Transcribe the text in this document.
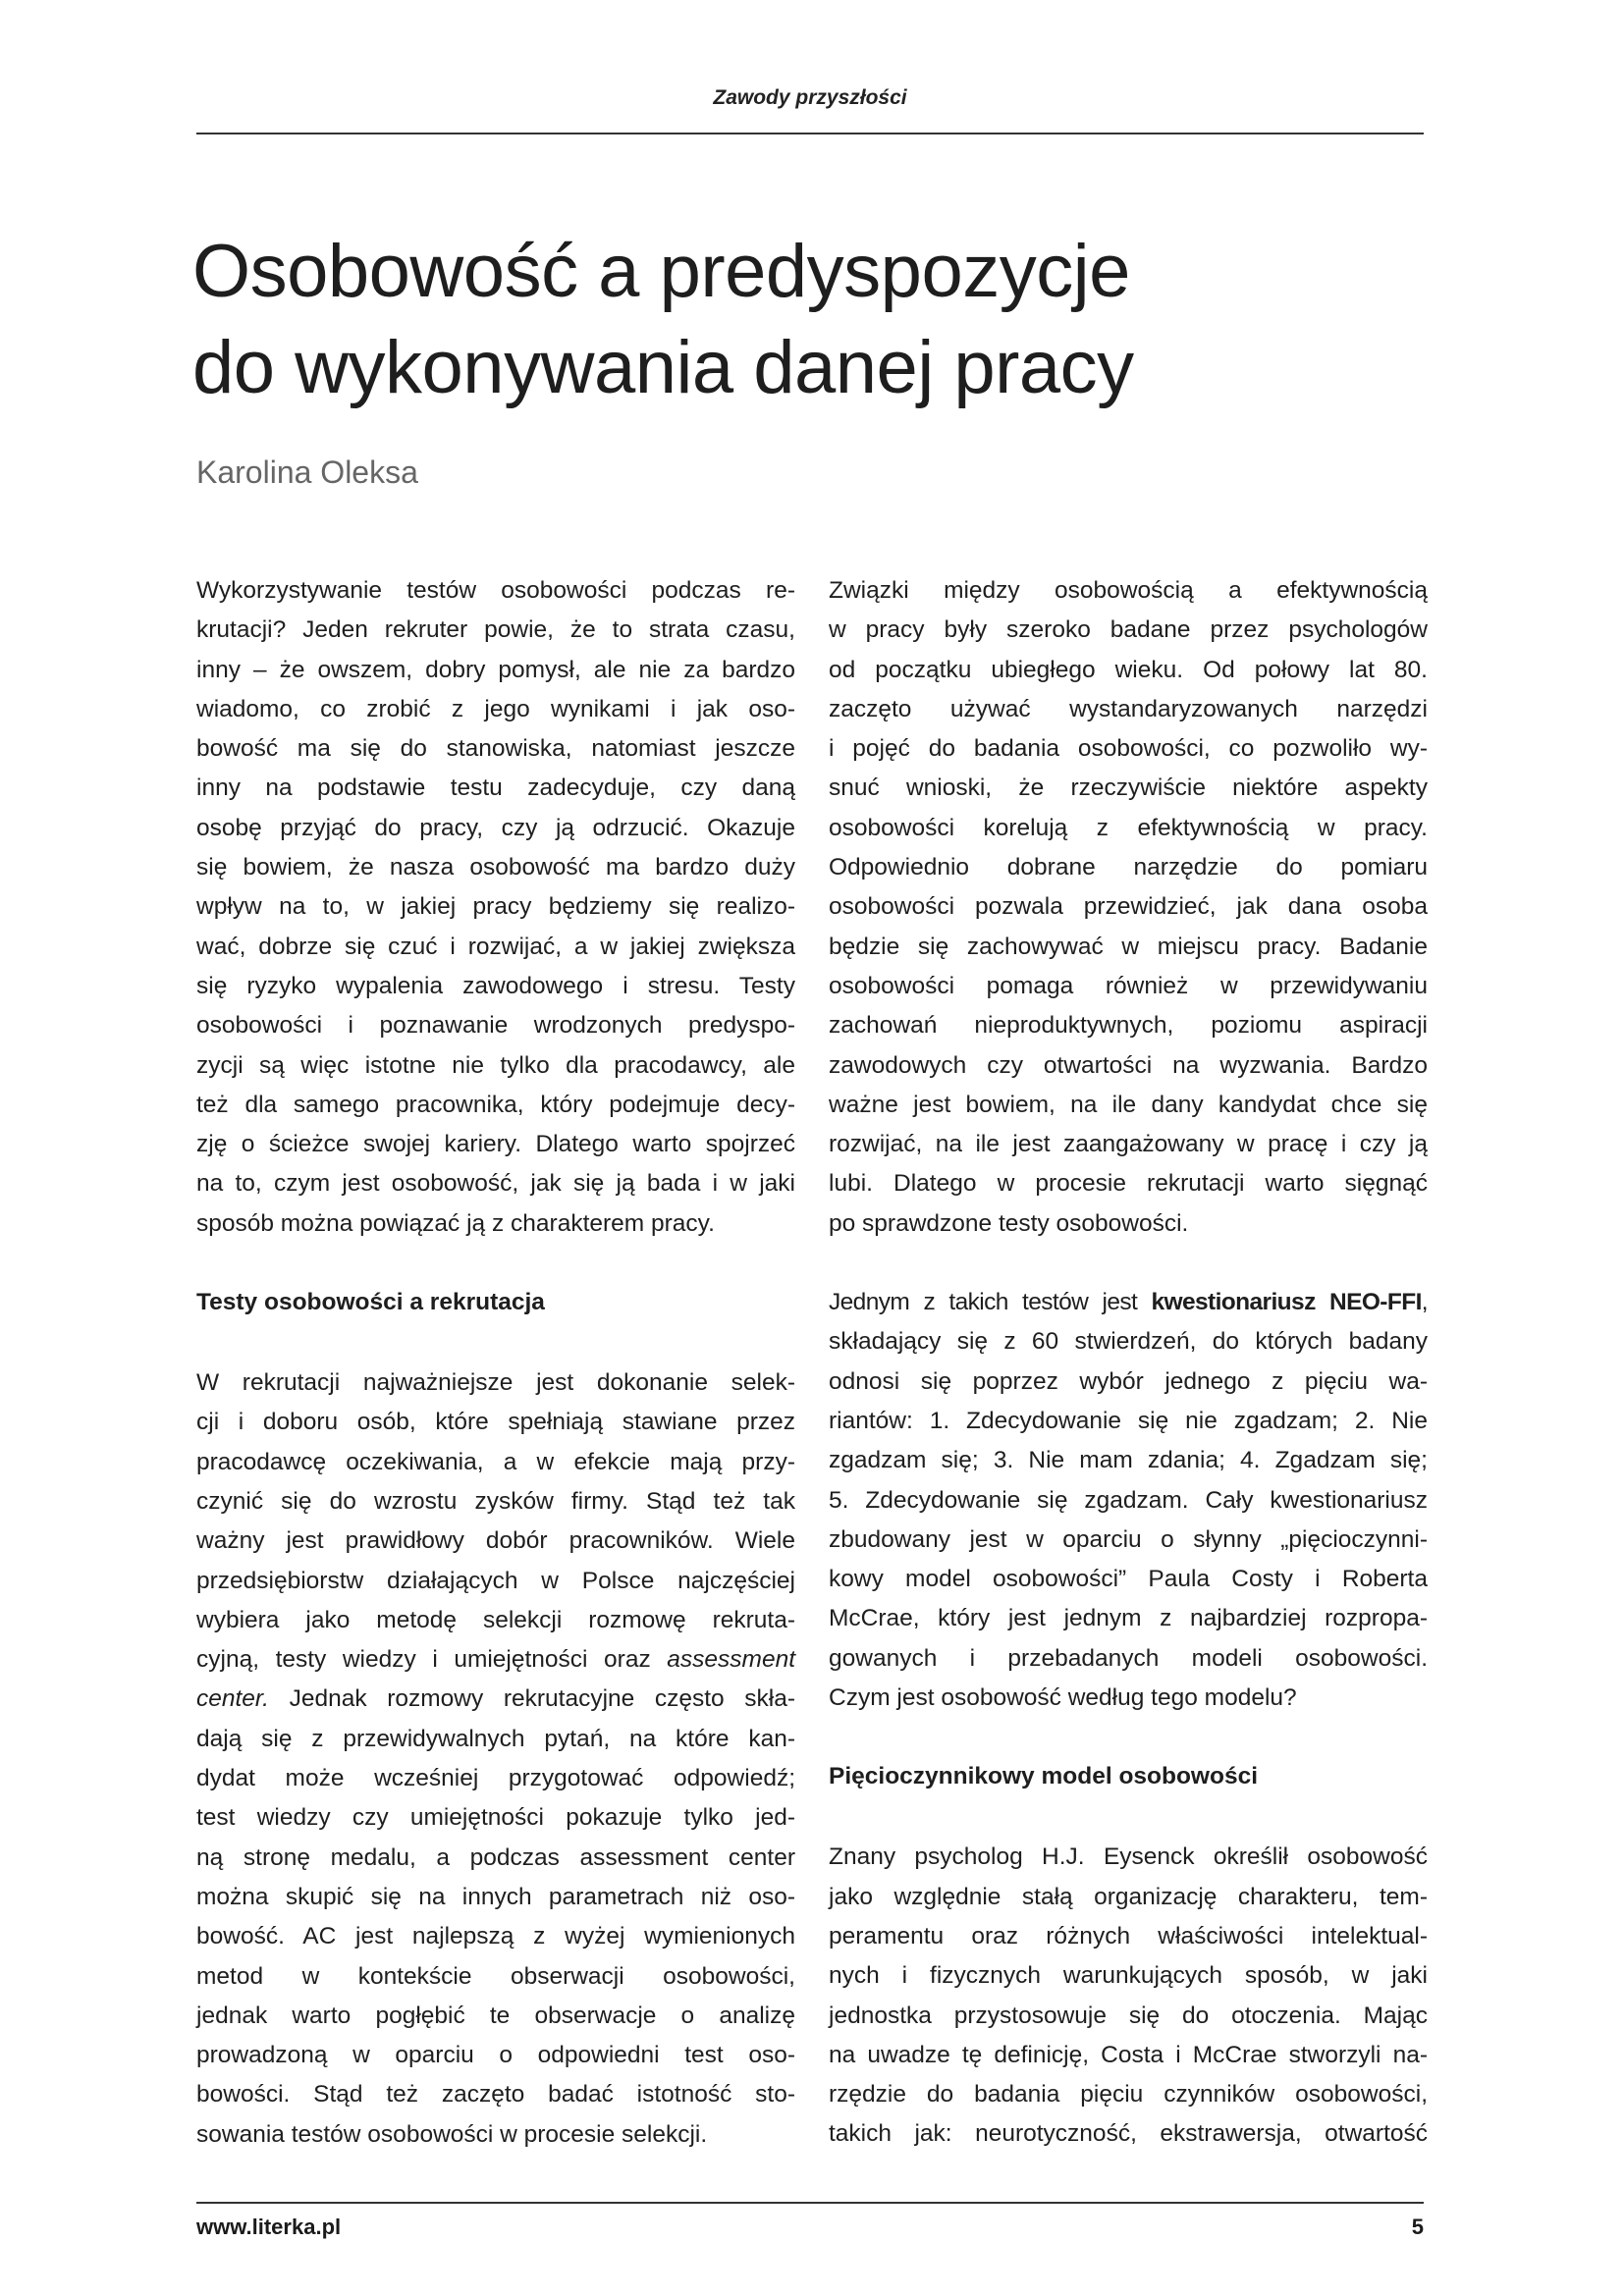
Zawody przyszłości
Osobowość a predyspozycje
do wykonywania danej pracy
Karolina Oleksa

Wykorzystywanie testów osobowości podczas re-
krutacji? Jeden rekruter powie, że to strata czasu,
inny – że owszem, dobry pomysł, ale nie za bardzo
wiadomo, co zrobić z jego wynikami i jak oso-
bowość ma się do stanowiska, natomiast jeszcze
inny na podstawie testu zadecyduje, czy daną
osobę przyjąć do pracy, czy ją odrzucić. Okazuje
się bowiem, że nasza osobowość ma bardzo duży
wpływ na to, w jakiej pracy będziemy się realizo-
wać, dobrze się czuć i rozwijać, a w jakiej zwiększa
się ryzyko wypalenia zawodowego i stresu. Testy
osobowości i poznawanie wrodzonych predyspo-
zycji są więc istotne nie tylko dla pracodawcy, ale
też dla samego pracownika, który podejmuje decy-
zję o ścieżce swojej kariery. Dlatego warto spojrzeć
na to, czym jest osobowość, jak się ją bada i w jaki
sposób można powiązać ją z charakterem pracy.

Testy osobowości a rekrutacja

W rekrutacji najważniejsze jest dokonanie selek-
cji i doboru osób, które spełniają stawiane przez
pracodawcę oczekiwania, a w efekcie mają przy-
czynić się do wzrostu zysków firmy. Stąd też tak
ważny jest prawidłowy dobór pracowników. Wiele
przedsiębiorstw działających w Polsce najczęściej
wybiera jako metodę selekcji rozmowę rekruta-
cyjną, testy wiedzy i umiejętności oraz assessment
center. Jednak rozmowy rekrutacyjne często skła-
dają się z przewidywalnych pytań, na które kan-
dydat może wcześniej przygotować odpowiedź;
test wiedzy czy umiejętności pokazuje tylko jed-
ną stronę medalu, a podczas assessment center
można skupić się na innych parametrach niż oso-
bowość. AC jest najlepszą z wyżej wymienionych
metod w kontekście obserwacji osobowości,
jednak warto pogłębić te obserwacje o analizę
prowadzoną w oparciu o odpowiedni test oso-
bowości. Stąd też zaczęto badać istotność sto-
sowania testów osobowości w procesie selekcji.

Związki między osobowością a efektywnością
w pracy były szeroko badane przez psychologów
od początku ubiegłego wieku. Od połowy lat 80.
zaczęto używać wystandaryzowanych narzędzi
i pojęć do badania osobowości, co pozwoliło wy-
snuć wnioski, że rzeczywiście niektóre aspekty
osobowości korelują z efektywnością w pracy.
Odpowiednio dobrane narzędzie do pomiaru
osobowości pozwala przewidzieć, jak dana osoba
będzie się zachowywać w miejscu pracy. Badanie
osobowości pomaga również w przewidywaniu
zachowań nieproduktywnych, poziomu aspiracji
zawodowych czy otwartości na wyzwania. Bardzo
ważne jest bowiem, na ile dany kandydat chce się
rozwijać, na ile jest zaangażowany w pracę i czy ją
lubi. Dlatego w procesie rekrutacji warto sięgnąć
po sprawdzone testy osobowości.

Jednym z takich testów jest kwestionariusz NEO-FFI,
składający się z 60 stwierdzeń, do których badany
odnosi się poprzez wybór jednego z pięciu wa-
riantów: 1. Zdecydowanie się nie zgadzam; 2. Nie
zgadzam się; 3. Nie mam zdania; 4. Zgadzam się;
5. Zdecydowanie się zgadzam. Cały kwestionariusz
zbudowany jest w oparciu o słynny „pięcioczynni-
kowy model osobowości” Paula Costy i Roberta
McCrae, który jest jednym z najbardziej rozpropa-
gowanych i przebadanych modeli osobowości.
Czym jest osobowość według tego modelu?

Pięcioczynnikowy model osobowości

Znany psycholog H.J. Eysenck określił osobowość
jako względnie stałą organizację charakteru, tem-
peramentu oraz różnych właściwości intelektual-
nych i fizycznych warunkujących sposób, w jaki
jednostka przystosowuje się do otoczenia. Mając
na uwadze tę definicję, Costa i McCrae stworzyli na-
rzędzie do badania pięciu czynników osobowości,
takich jak: neurotyczność, ekstrawersja, otwartość

www.literka.pl	5
